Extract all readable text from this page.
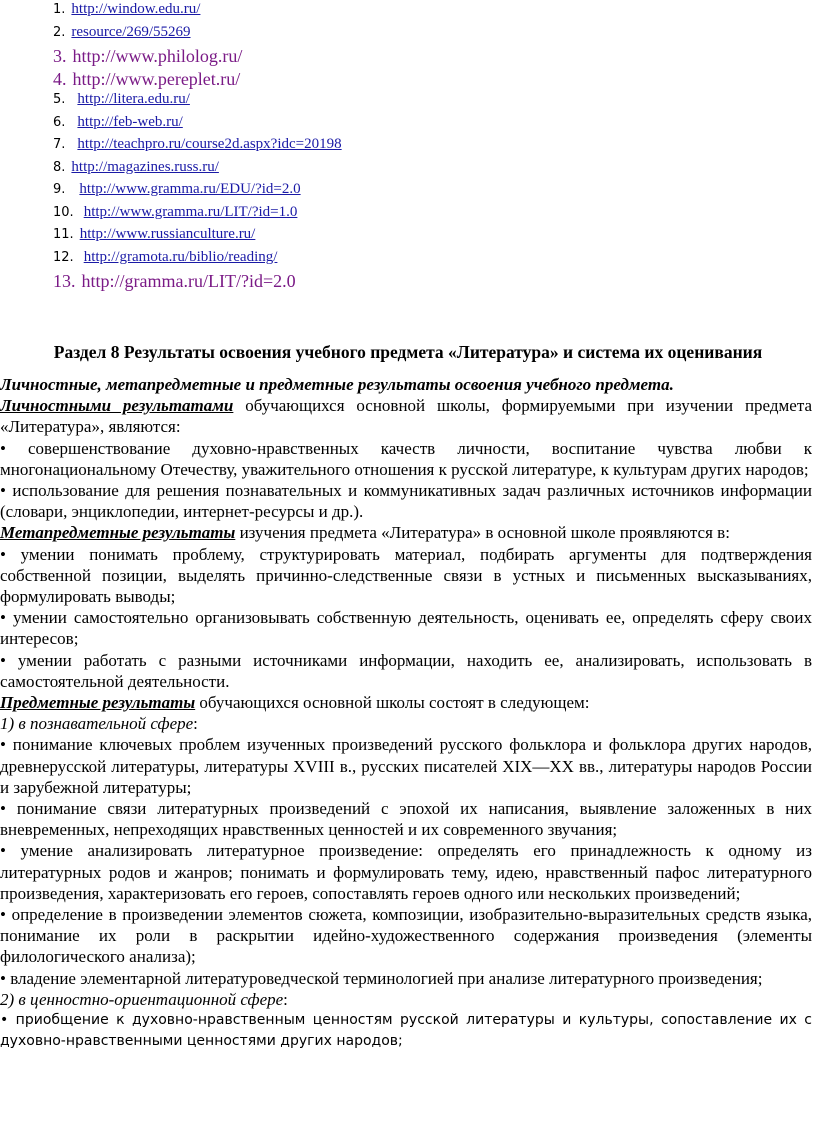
1. http://window.edu.ru/
2. resource/269/55269
3. http://www.philolog.ru/
4. http://www.pereplet.ru/
5. http://litera.edu.ru/
6. http://feb-web.ru/
7. http://teachpro.ru/course2d.aspx?idc=20198
8. http://magazines.russ.ru/
9. http://www.gramma.ru/EDU/?id=2.0
10. http://www.gramma.ru/LIT/?id=1.0
11. http://www.russianculture.ru/
12. http://gramota.ru/biblio/reading/
13. http://gramma.ru/LIT/?id=2.0
Раздел 8 Результаты освоения учебного предмета «Литература» и система их оценивания

Личностные, метапредметные и предметные результаты освоения учебного предмета.

Личностными результатами обучающихся основной школы, формируемыми при изучении предмета «Литература», являются:

• совершенствование духовно-нравственных качеств личности, воспитание чувства любви к многонациональному Отечеству, уважительного отношения к русской литературе, к культурам других народов;

• использование для решения познавательных и коммуникативных задач различных источников информации (словари, энциклопедии, интернет-ресурсы и др.).

Метапредметные результаты изучения предмета «Литература» в основной школе проявляются в:

• умении понимать проблему, структурировать материал, подбирать аргументы для подтверждения собственной позиции, выделять причинно-следственные связи в устных и письменных высказываниях, формулировать выводы;

• умении самостоятельно организовывать собственную деятельность, оценивать ее, определять сферу своих интересов;

• умении работать с разными источниками информации, находить ее, анализировать, использовать в самостоятельной деятельности.

Предметные результаты обучающихся основной школы состоят в следующем:

1) в познавательной сфере:

• понимание ключевых проблем изученных произведений русского фольклора и фольклора других народов, древнерусской литературы, литературы XVIII в., русских писателей XIX—XX вв., литературы народов России и зарубежной литературы;

• понимание связи литературных произведений с эпохой их написания, выявление заложенных в них вневременных, непреходящих нравственных ценностей и их современного звучания;

• умение анализировать литературное произведение: определять его принадлежность к одному из литературных родов и жанров; понимать и формулировать тему, идею, нравственный пафос литературного произведения, характеризовать его героев, сопоставлять героев одного или нескольких произведений;

• определение в произведении элементов сюжета, композиции, изобразительно-выразительных средств языка, понимание их роли в раскрытии идейно-художественного содержания произведения (элементы филологического анализа);

• владение элементарной литературоведческой терминологией при анализе литературного произведения;

2) в ценностно-ориентационной сфере:

• приобщение к духовно-нравственным ценностям русской литературы и культуры, сопоставление их с духовно-нравственными ценностями других народов;
